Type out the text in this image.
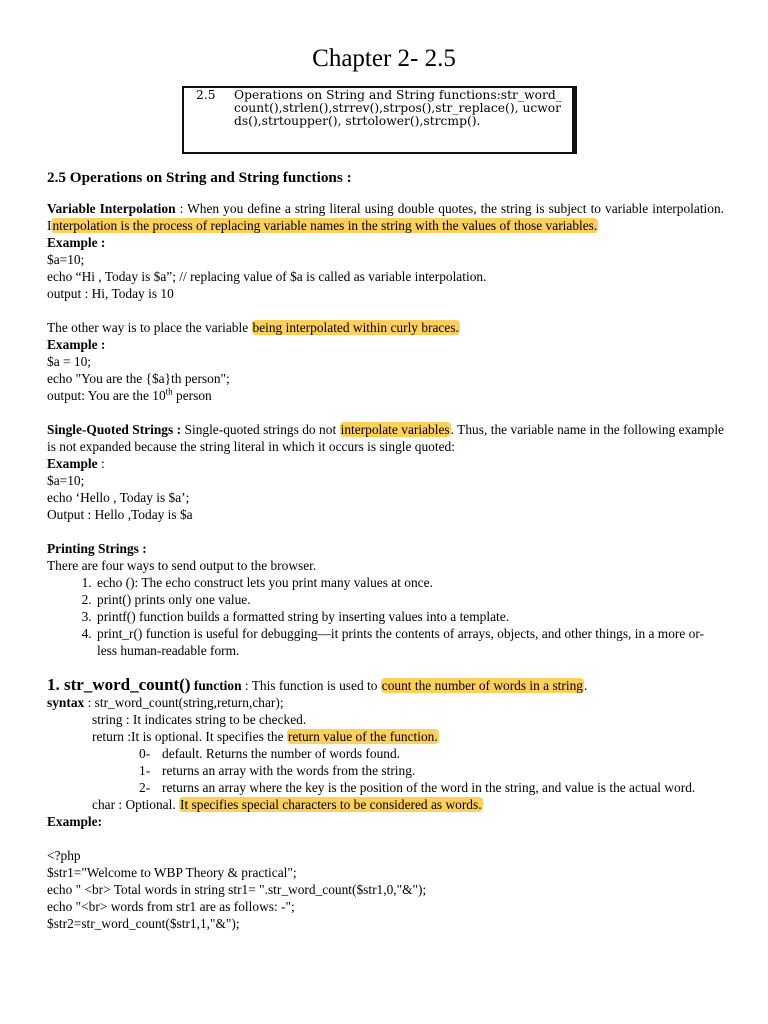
Chapter 2- 2.5
2.5	Operations on String and String functions:str_word_count(),strlen(),strrev(),strpos(),str_replace(), ucwords(),strtoupper(), strtolower(),strcmp().

2.5 Operations on String and String functions :

Variable Interpolation : When you define a string literal using double quotes, the string is subject to variable interpolation. Interpolation is the process of replacing variable names in the string with the values of those variables.

Example :

$a=10;

echo “Hi , Today is $a”; // replacing value of $a is called as variable interpolation.

output : Hi, Today is 10

The other way is to place the variable being interpolated within curly braces.

Example :

$a = 10;

echo "You are the {$a}th person";

output: You are the 10th person

Single-Quoted Strings : Single-quoted strings do not interpolate variables. Thus, the variable name in the following example is not expanded because the string literal in which it occurs is single quoted:

Example :

$a=10;

echo ‘Hello , Today is $a’;

Output : Hello ,Today is $a

Printing Strings :

There are four ways to send output to the browser.

1. echo (): The echo construct lets you print many values at once.
2. print() prints only one value.
3. printf() function builds a formatted string by inserting values into a template.
4. print_r() function is useful for debugging—it prints the contents of arrays, objects, and other things, in a more or-less human-readable form.

1. str_word_count() function : This function is used to count the number of words in a string.

syntax : str_word_count(string,return,char);

string : It indicates string to be checked.

return :It is optional. It specifies the return value of the function.

0- default. Returns the number of words found.
1- returns an array with the words from the string.
2- returns an array where the key is the position of the word in the string, and value is the actual word.

char : Optional. It specifies special characters to be considered as words.

Example:

<?php

$str1="Welcome to WBP Theory & practical";

echo " <br> Total words in string str1= ".str_word_count($str1,0,"&");

echo "<br> words from str1 are as follows: -";

$str2=str_word_count($str1,1,"&");
